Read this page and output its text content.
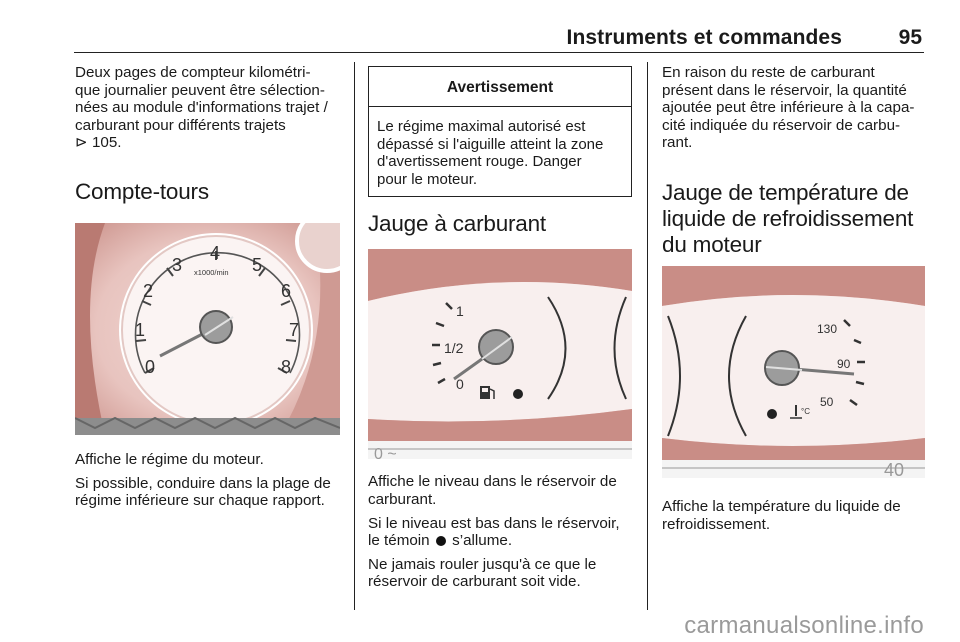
Instruments et commandes	95

Deux pages de compteur kilométri-
que journalier peuvent être sélection-
nées au module d'informations trajet /
carburant pour différents trajets
⊳ 105.

Compte-tours
0
1
2
3
4
5
6
7
8
x1000/min

Affiche le régime du moteur.

Si possible, conduire dans la plage de
régime inférieure sur chaque rapport.

Avertissement
Le régime maximal autorisé est
dépassé si l'aiguille atteint la zone
d'avertissement rouge. Danger
pour le moteur.
Jauge à carburant
0 ~
1
1/2
0

Affiche le niveau dans le réservoir de
carburant.

Si le niveau est bas dans le réservoir,
le témoin s’allume.

Ne jamais rouler jusqu'à ce que le
réservoir de carburant soit vide.

En raison du reste de carburant
présent dans le réservoir, la quantité
ajoutée peut être inférieure à la capa-
cité indiquée du réservoir de carbu-
rant.

Jauge de température de
liquide de refroidissement
du moteur
40
130
90
50
°C

Affiche la température du liquide de
refroidissement.

carmanualsonline.info
